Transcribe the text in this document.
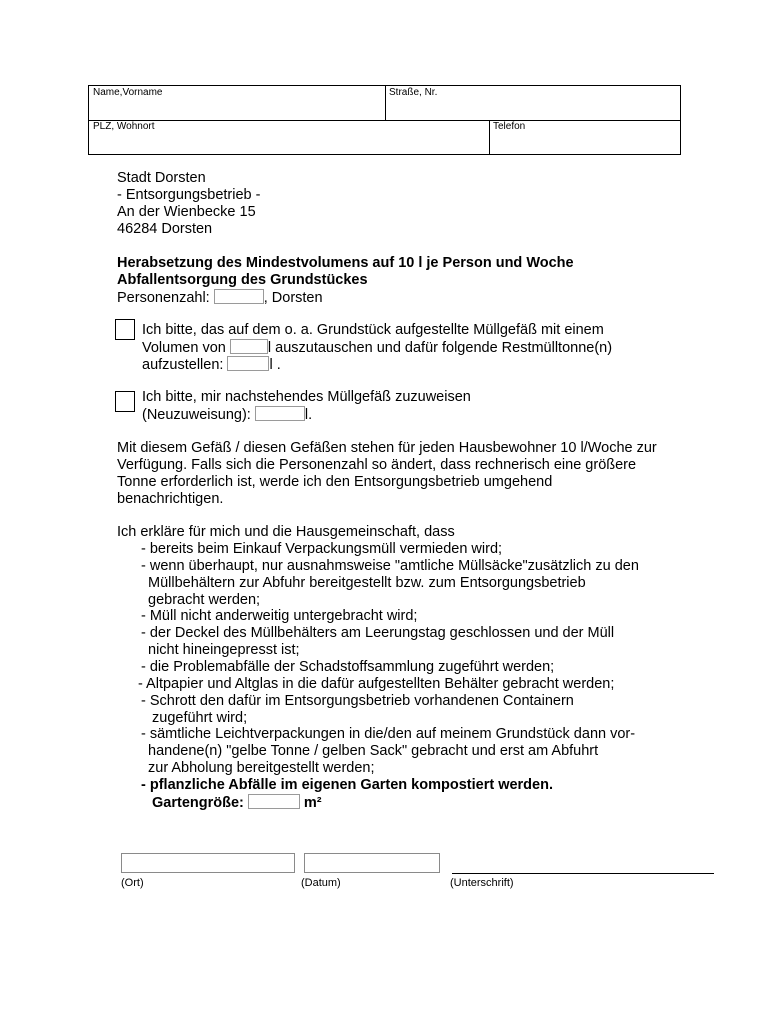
Name,Vorname	Straße, Nr.
PLZ, Wohnort	Telefon
Stadt Dorsten
- Entsorgungsbetrieb -
An der Wienbecke 15
46284 Dorsten
Herabsetzung des Mindestvolumens auf 10 l je Person und Woche
Abfallentsorgung des Grundstückes
Personenzahl:	, Dorsten
Ich bitte, das auf dem o. a. Grundstück aufgestellte Müllgefäß mit einem
Volumen von	l auszutauschen und dafür folgende Restmülltonne(n)
aufzustellen:	l .
Ich bitte, mir nachstehendes Müllgefäß zuzuweisen
(Neuzuweisung):	l.
Mit diesem Gefäß / diesen Gefäßen stehen für jeden Hausbewohner 10 l/Woche zur
Verfügung. Falls sich die Personenzahl so ändert, dass rechnerisch eine größere
Tonne erforderlich ist, werde ich den Entsorgungsbetrieb umgehend
benachrichtigen.
Ich erkläre für mich und die Hausgemeinschaft, dass
- bereits beim Einkauf Verpackungsmüll vermieden wird;
- wenn überhaupt, nur ausnahmsweise "amtliche Müllsäcke"zusätzlich zu den
Müllbehältern zur Abfuhr bereitgestellt bzw. zum Entsorgungsbetrieb
gebracht werden;
- Müll nicht anderweitig untergebracht wird;
- der Deckel des Müllbehälters am Leerungstag geschlossen und der Müll
nicht hineingepresst ist;
- die Problemabfälle der Schadstoffsammlung zugeführt werden;
- Altpapier und Altglas in die dafür aufgestellten Behälter gebracht werden;
- Schrott den dafür im Entsorgungsbetrieb vorhandenen Containern
zugeführt wird;
- sämtliche Leichtverpackungen in die/den auf meinem Grundstück dann vor-
handene(n) "gelbe Tonne / gelben Sack" gebracht und erst am Abfuhrt
zur Abholung bereitgestellt werden;
- pflanzliche Abfälle im eigenen Garten kompostiert werden.
Gartengröße:	m²
(Ort)	(Datum)	(Unterschrift)
